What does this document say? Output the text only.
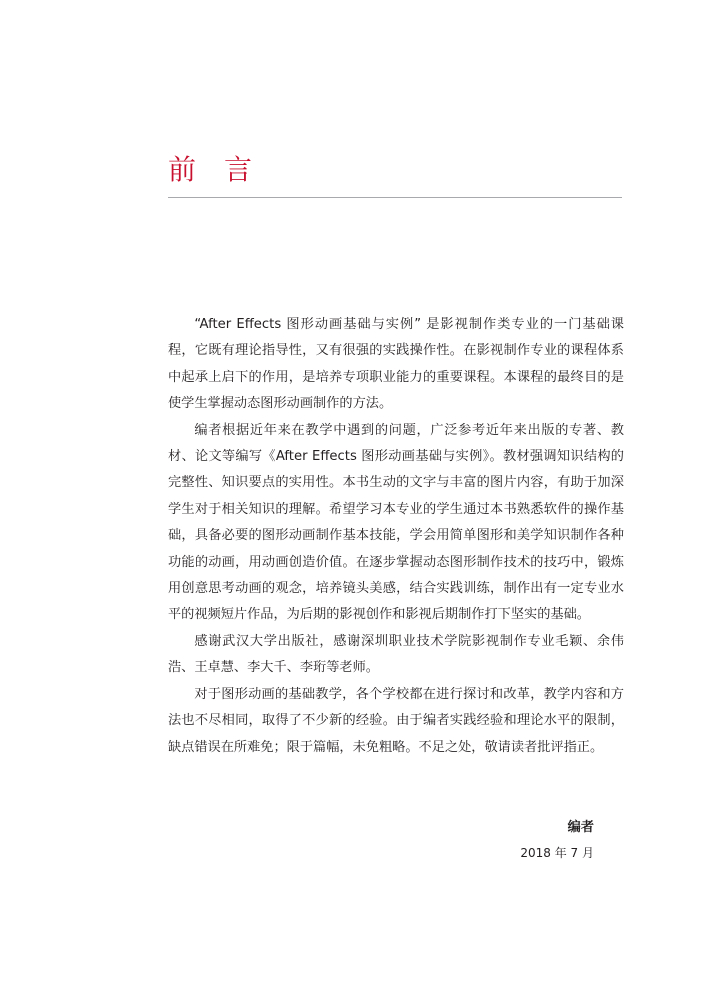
前　言

“After Effects 图形动画基础与实例” 是影视制作类专业的一门基础课程，它既有理论指导性，又有很强的实践操作性。在影视制作专业的课程体系中起承上启下的作用，是培养专项职业能力的重要课程。本课程的最终目的是使学生掌握动态图形动画制作的方法。

编者根据近年来在教学中遇到的问题，广泛参考近年来出版的专著、教材、论文等编写《After Effects 图形动画基础与实例》。教材强调知识结构的完整性、知识要点的实用性。本书生动的文字与丰富的图片内容，有助于加深学生对于相关知识的理解。希望学习本专业的学生通过本书熟悉软件的操作基础，具备必要的图形动画制作基本技能，学会用简单图形和美学知识制作各种功能的动画，用动画创造价值。在逐步掌握动态图形制作技术的技巧中，锻炼用创意思考动画的观念，培养镜头美感，结合实践训练，制作出有一定专业水平的视频短片作品，为后期的影视创作和影视后期制作打下坚实的基础。

感谢武汉大学出版社，感谢深圳职业技术学院影视制作专业毛颖、余伟浩、王卓慧、李大千、李珩等老师。

对于图形动画的基础教学，各个学校都在进行探讨和改革，教学内容和方法也不尽相同，取得了不少新的经验。由于编者实践经验和理论水平的限制，缺点错误在所难免；限于篇幅，未免粗略。不足之处，敬请读者批评指正。

编者
2018 年 7 月
